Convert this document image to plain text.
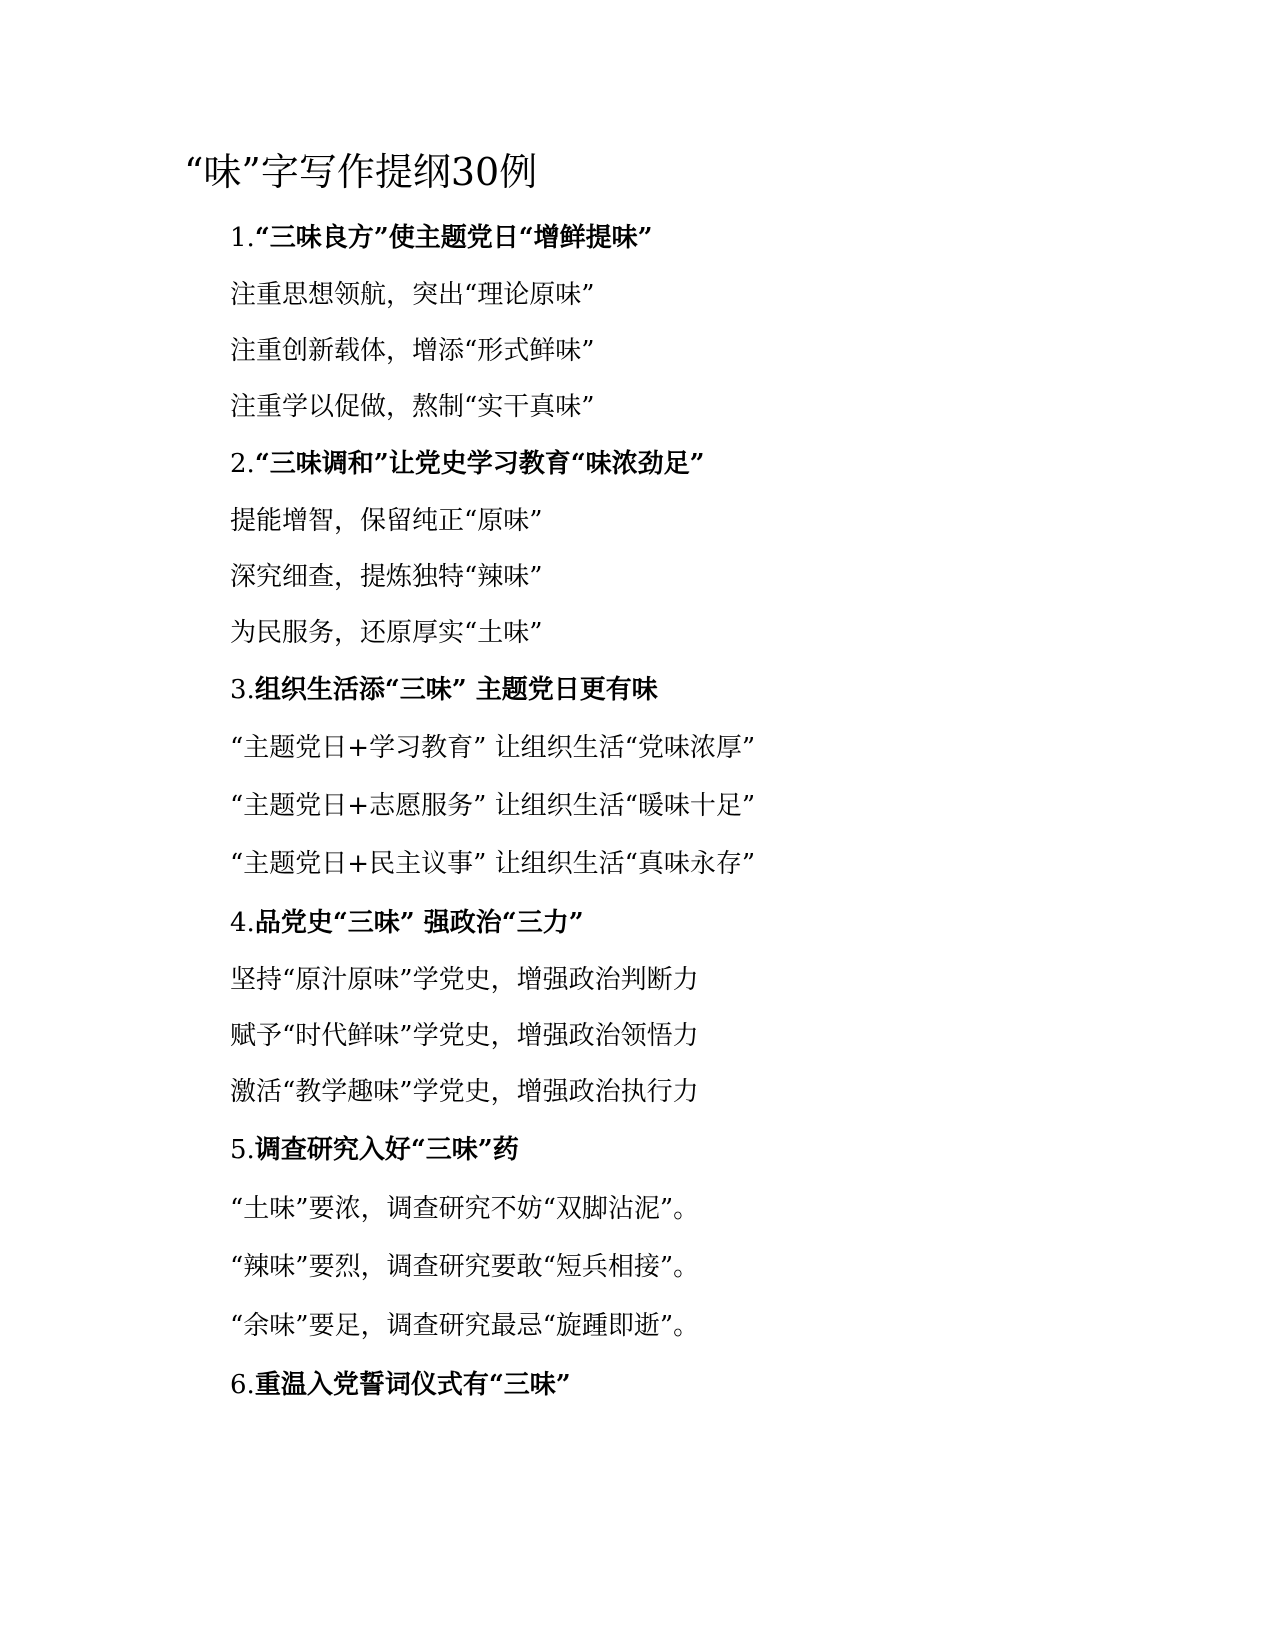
“味”字写作提纲30例
1.“三味良方”使主题党日“增鲜提味”
注重思想领航，突出“理论原味”
注重创新载体，增添“形式鲜味”
注重学以促做，熬制“实干真味”
2.“三味调和”让党史学习教育“味浓劲足”
提能增智，保留纯正“原味”
深究细查，提炼独特“辣味”
为民服务，还原厚实“土味”
3.组织生活添“三味” 主题党日更有味
“主题党日+学习教育” 让组织生活“党味浓厚”
“主题党日+志愿服务” 让组织生活“暖味十足”
“主题党日+民主议事” 让组织生活“真味永存”
4.品党史“三味” 强政治“三力”
坚持“原汁原味”学党史，增强政治判断力
赋予“时代鲜味”学党史，增强政治领悟力
激活“教学趣味”学党史，增强政治执行力
5.调查研究入好“三味”药
“土味”要浓，调查研究不妨“双脚沾泥”。
“辣味”要烈，调查研究要敢“短兵相接”。
“余味”要足，调查研究最忌“旋踵即逝”。
6.重温入党誓词仪式有“三味”
